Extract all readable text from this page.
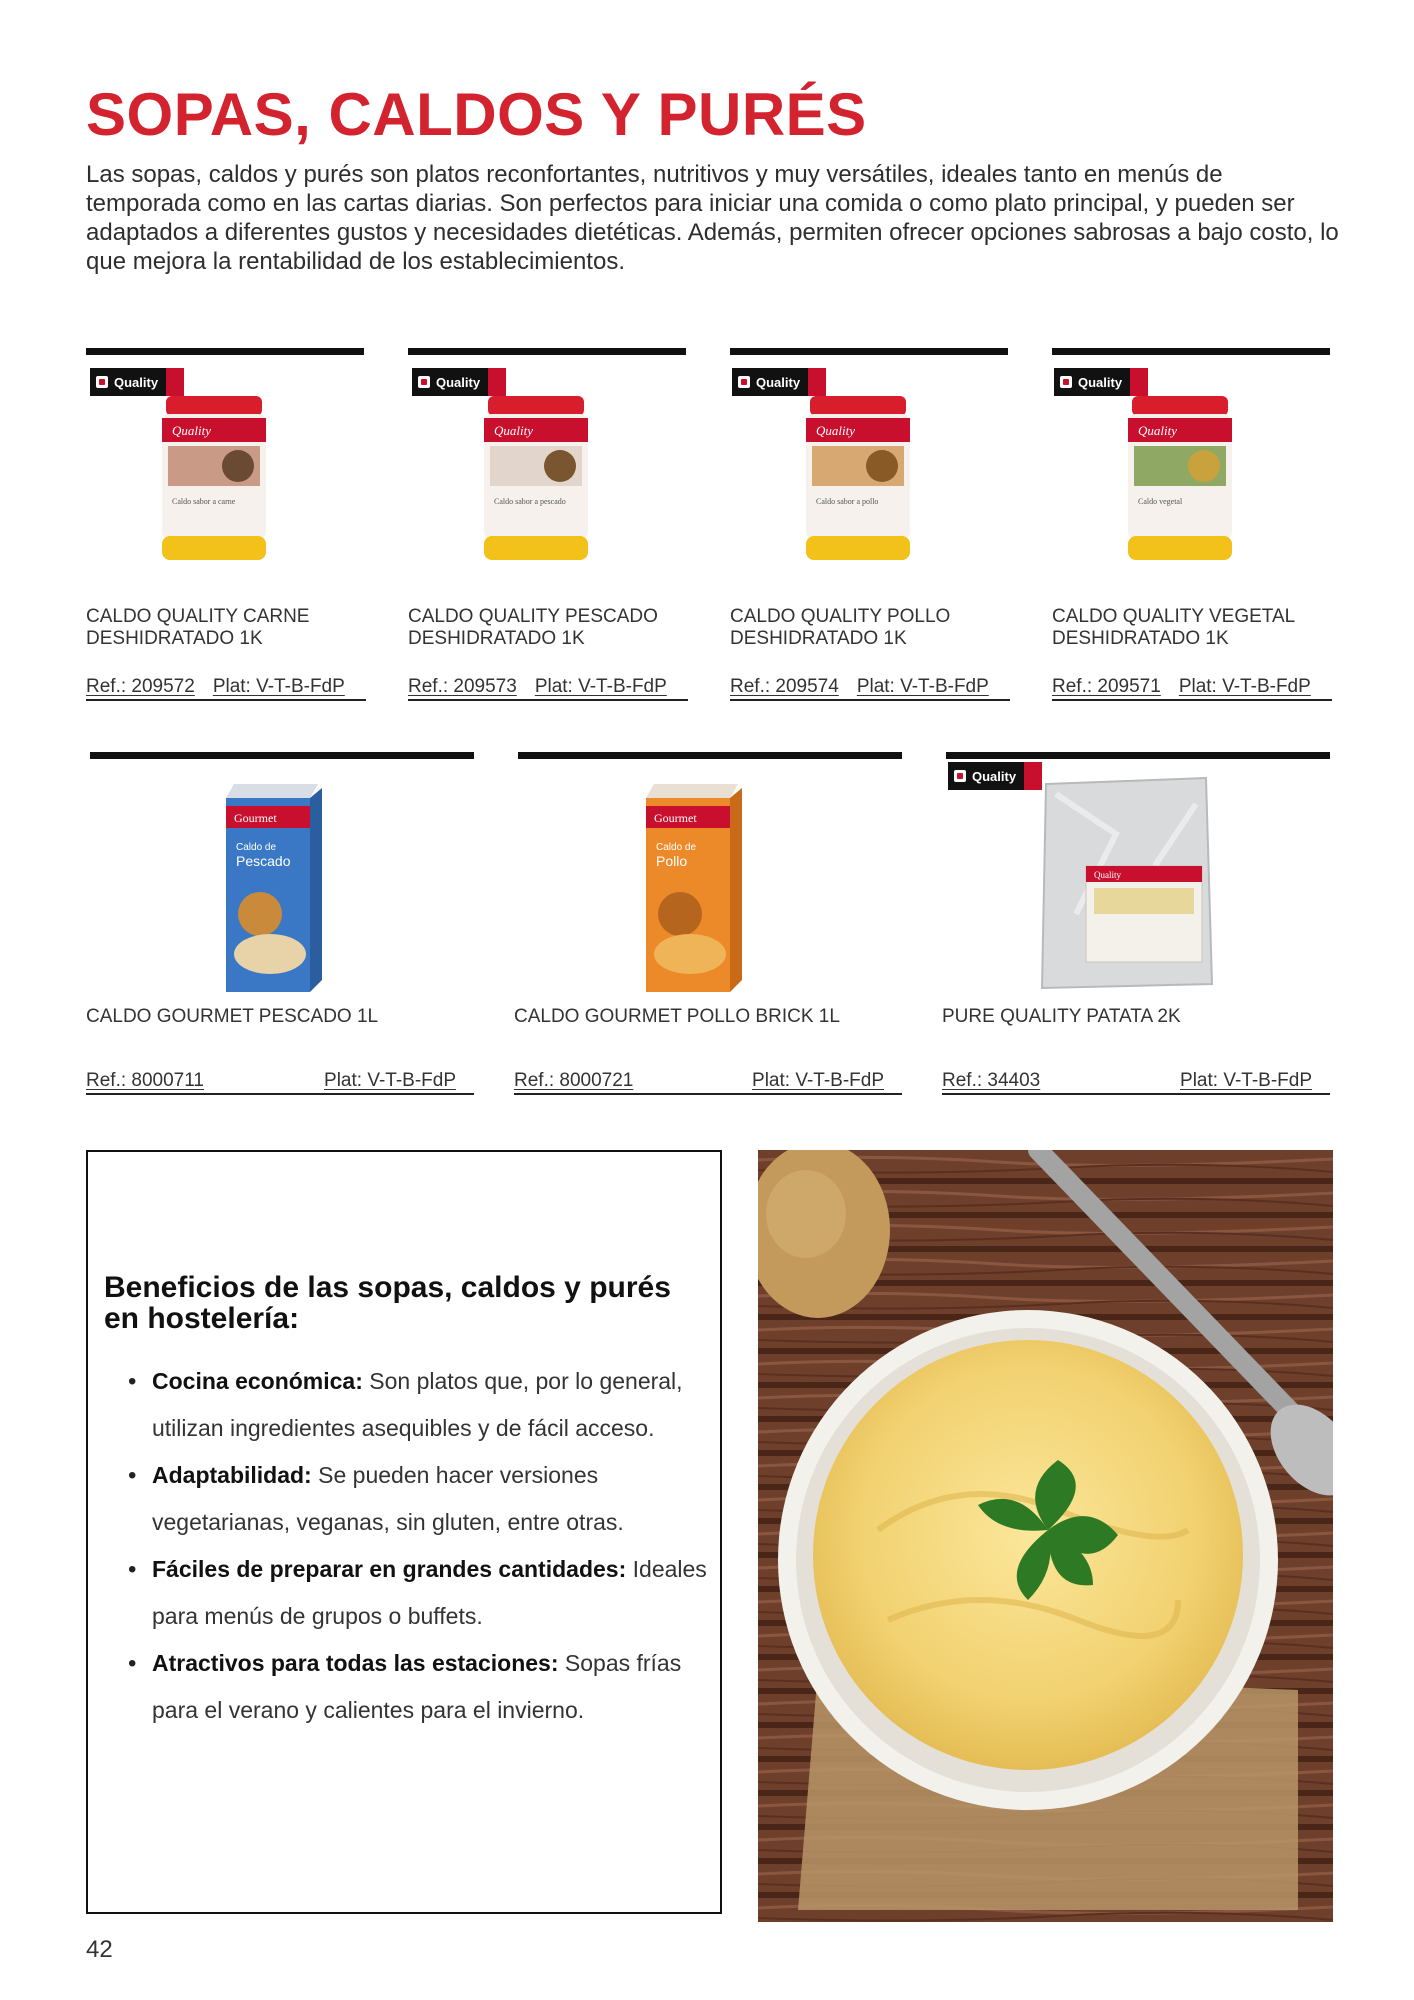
SOPAS, CALDOS Y PURÉS
Las sopas, caldos y purés son platos reconfortantes, nutritivos y muy versátiles, ideales tanto en menús de temporada como en las cartas diarias. Son perfectos para iniciar una comida o como plato principal, y pueden ser adaptados a diferentes gustos y necesidades dietéticas. Además, permiten ofrecer opciones sabrosas a bajo costo, lo que mejora la rentabilidad de los establecimientos.
Quality
Quality
Caldo sabor a carne
CALDO QUALITY CARNE
DESHIDRATADO 1K
Ref.: 209572 Plat: V-T-B-FdP
Quality
Quality
Caldo sabor a pescado
CALDO QUALITY PESCADO
DESHIDRATADO 1K
Ref.: 209573 Plat: V-T-B-FdP
Quality
Quality
Caldo sabor a pollo
CALDO QUALITY POLLO
DESHIDRATADO 1K
Ref.: 209574 Plat: V-T-B-FdP
Quality
Quality
Caldo vegetal
CALDO QUALITY VEGETAL
DESHIDRATADO 1K
Ref.: 209571 Plat: V-T-B-FdP
Gourmet
Caldo de
Pescado
CALDO GOURMET PESCADO 1L
Ref.: 8000711	Plat: V-T-B-FdP
Gourmet
Caldo de
Pollo
CALDO GOURMET POLLO BRICK 1L
Ref.: 8000721	Plat: V-T-B-FdP
Quality
Quality
PURE QUALITY PATATA 2K
Ref.: 34403	Plat: V-T-B-FdP
Beneficios de las sopas, caldos y purés en hostelería:
• Cocina económica: Son platos que, por lo general, utilizan ingredientes asequibles y de fácil acceso.
• Adaptabilidad: Se pueden hacer versiones vegetarianas, veganas, sin gluten, entre otras.
• Fáciles de preparar en grandes cantidades: Ideales para menús de grupos o buffets.
• Atractivos para todas las estaciones: Sopas frías para el verano y calientes para el invierno.
42
